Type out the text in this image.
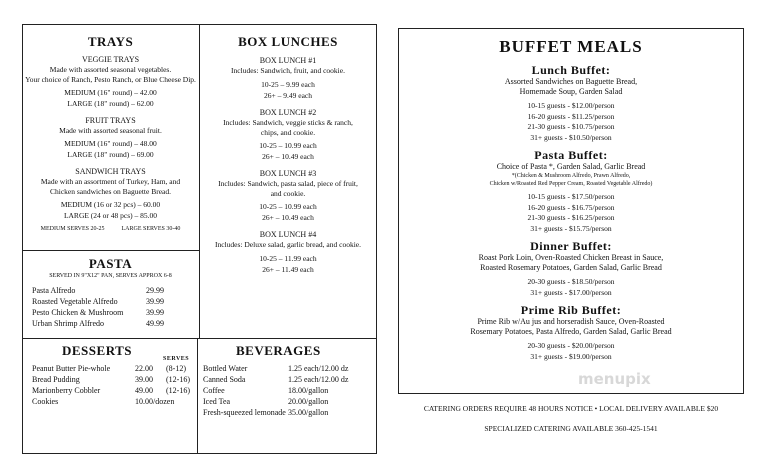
TRAYS
VEGGIE TRAYS
Made with assorted seasonal vegetables.
Your choice of Ranch, Pesto Ranch, or Blue Cheese Dip.
MEDIUM (16" round) – 42.00
LARGE (18" round) – 62.00
FRUIT TRAYS
Made with assorted seasonal fruit.
MEDIUM (16" round) – 48.00
LARGE (18" round) – 69.00
SANDWICH TRAYS
Made with an assortment of Turkey, Ham, and
Chicken sandwiches on Baguette Bread.
MEDIUM (16 or 32 pcs) – 60.00
LARGE (24 or 48 pcs) – 85.00
MEDIUM SERVES 20-25	LARGE SERVES 30-40
PASTA
SERVED IN 9"X12" PAN, SERVES APPROX 6-8
Pasta Alfredo	29.99
Roasted Vegetable Alfredo	39.99
Pesto Chicken & Mushroom	39.99
Urban Shrimp Alfredo	49.99
BOX LUNCHES
BOX LUNCH #1
Includes: Sandwich, fruit, and cookie.
10-25 – 9.99 each
26+ – 9.49 each
BOX LUNCH #2
Includes: Sandwich, veggie sticks & ranch,
chips, and cookie.
10-25 – 10.99 each
26+ – 10.49 each
BOX LUNCH #3
Includes: Sandwich, pasta salad, piece of fruit,
and cookie.
10-25 – 10.99 each
26+ – 10.49 each
BOX LUNCH #4
Includes: Deluxe salad, garlic bread, and cookie.
10-25 – 11.99 each
26+ – 11.49 each
DESSERTS
SERVES
Peanut Butter Pie-whole	22.00 (8-12)
Bread Pudding	39.00 (12-16)
Marionberry Cobbler	49.00 (12-16)
Cookies	10.00/dozen
BEVERAGES
Bottled Water	1.25 each/12.00 dz
Canned Soda	1.25 each/12.00 dz
Coffee	18.00/gallon
Iced Tea	20.00/gallon
Fresh-squeezed lemonade 35.00/gallon
BUFFET MEALS
Lunch Buffet:
Assorted Sandwiches on Baguette Bread,
Homemade Soup, Garden Salad
10-15 guests - $12.00/person
16-20 guests - $11.25/person
21-30 guests - $10.75/person
31+ guests - $10.50/person
Pasta Buffet:
Choice of Pasta *, Garden Salad, Garlic Bread
*(Chicken & Mushroom Alfredo, Prawn Alfredo,
Chicken w/Roasted Red Pepper Cream, Roasted Vegetable Alfredo)
10-15 guests - $17.50/person
16-20 guests - $16.75/person
21-30 guests - $16.25/person
31+ guests - $15.75/person
Dinner Buffet:
Roast Pork Loin, Oven-Roasted Chicken Breast in Sauce,
Roasted Rosemary Potatoes, Garden Salad, Garlic Bread
20-30 guests - $18.50/person
31+ guests - $17.00/person
Prime Rib Buffet:
Prime Rib w/Au jus and horseradish Sauce, Oven-Roasted
Rosemary Potatoes, Pasta Alfredo, Garden Salad, Garlic Bread
20-30 guests - $20.00/person
31+ guests - $19.00/person
menupix
CATERING ORDERS REQUIRE 48 HOURS NOTICE • LOCAL DELIVERY AVAILABLE $20
SPECIALIZED CATERING AVAILABLE 360-425-1541
